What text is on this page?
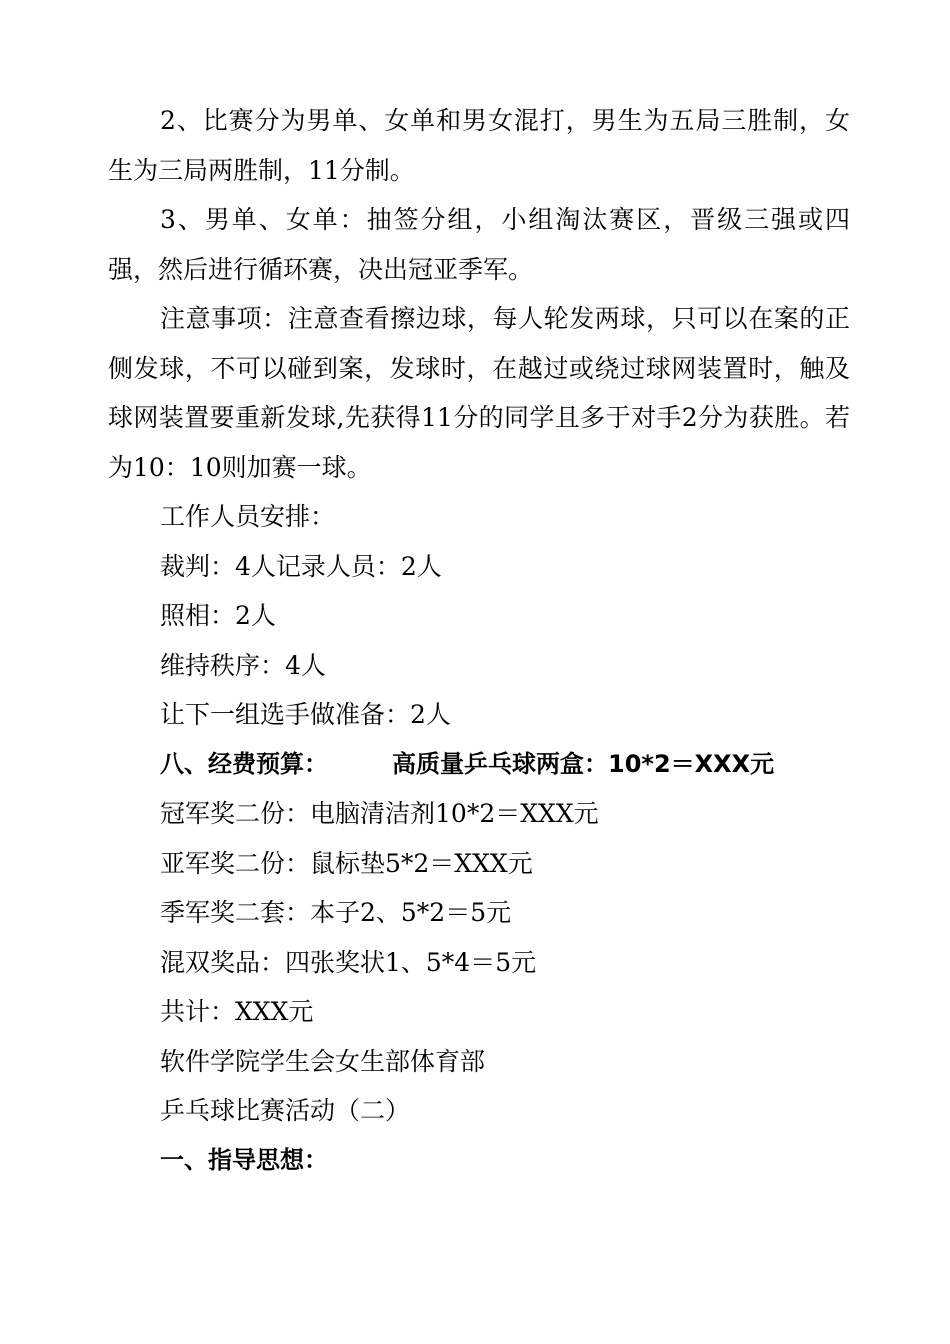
2、比赛分为男单、女单和男女混打，男生为五局三胜制，女生为三局两胜制，11分制。

3、男单、女单：抽签分组，小组淘汰赛区，晋级三强或四强，然后进行循环赛，决出冠亚季军。

注意事项：注意查看擦边球，每人轮发两球，只可以在案的正侧发球，不可以碰到案，发球时，在越过或绕过球网装置时，触及球网装置要重新发球,先获得11分的同学且多于对手2分为获胜。若为10：10则加赛一球。

工作人员安排：

裁判：4人记录人员：2人

照相：2人

维持秩序：4人

让下一组选手做准备：2人

八、经费预算：	高质量乒乓球两盒：10*2＝XXX元

冠军奖二份：电脑清洁剂10*2＝XXX元

亚军奖二份：鼠标垫5*2＝XXX元

季军奖二套：本子2、5*2＝5元

混双奖品：四张奖状1、5*4＝5元

共计：XXX元

软件学院学生会女生部体育部

乒乓球比赛活动（二）

一、指导思想：
